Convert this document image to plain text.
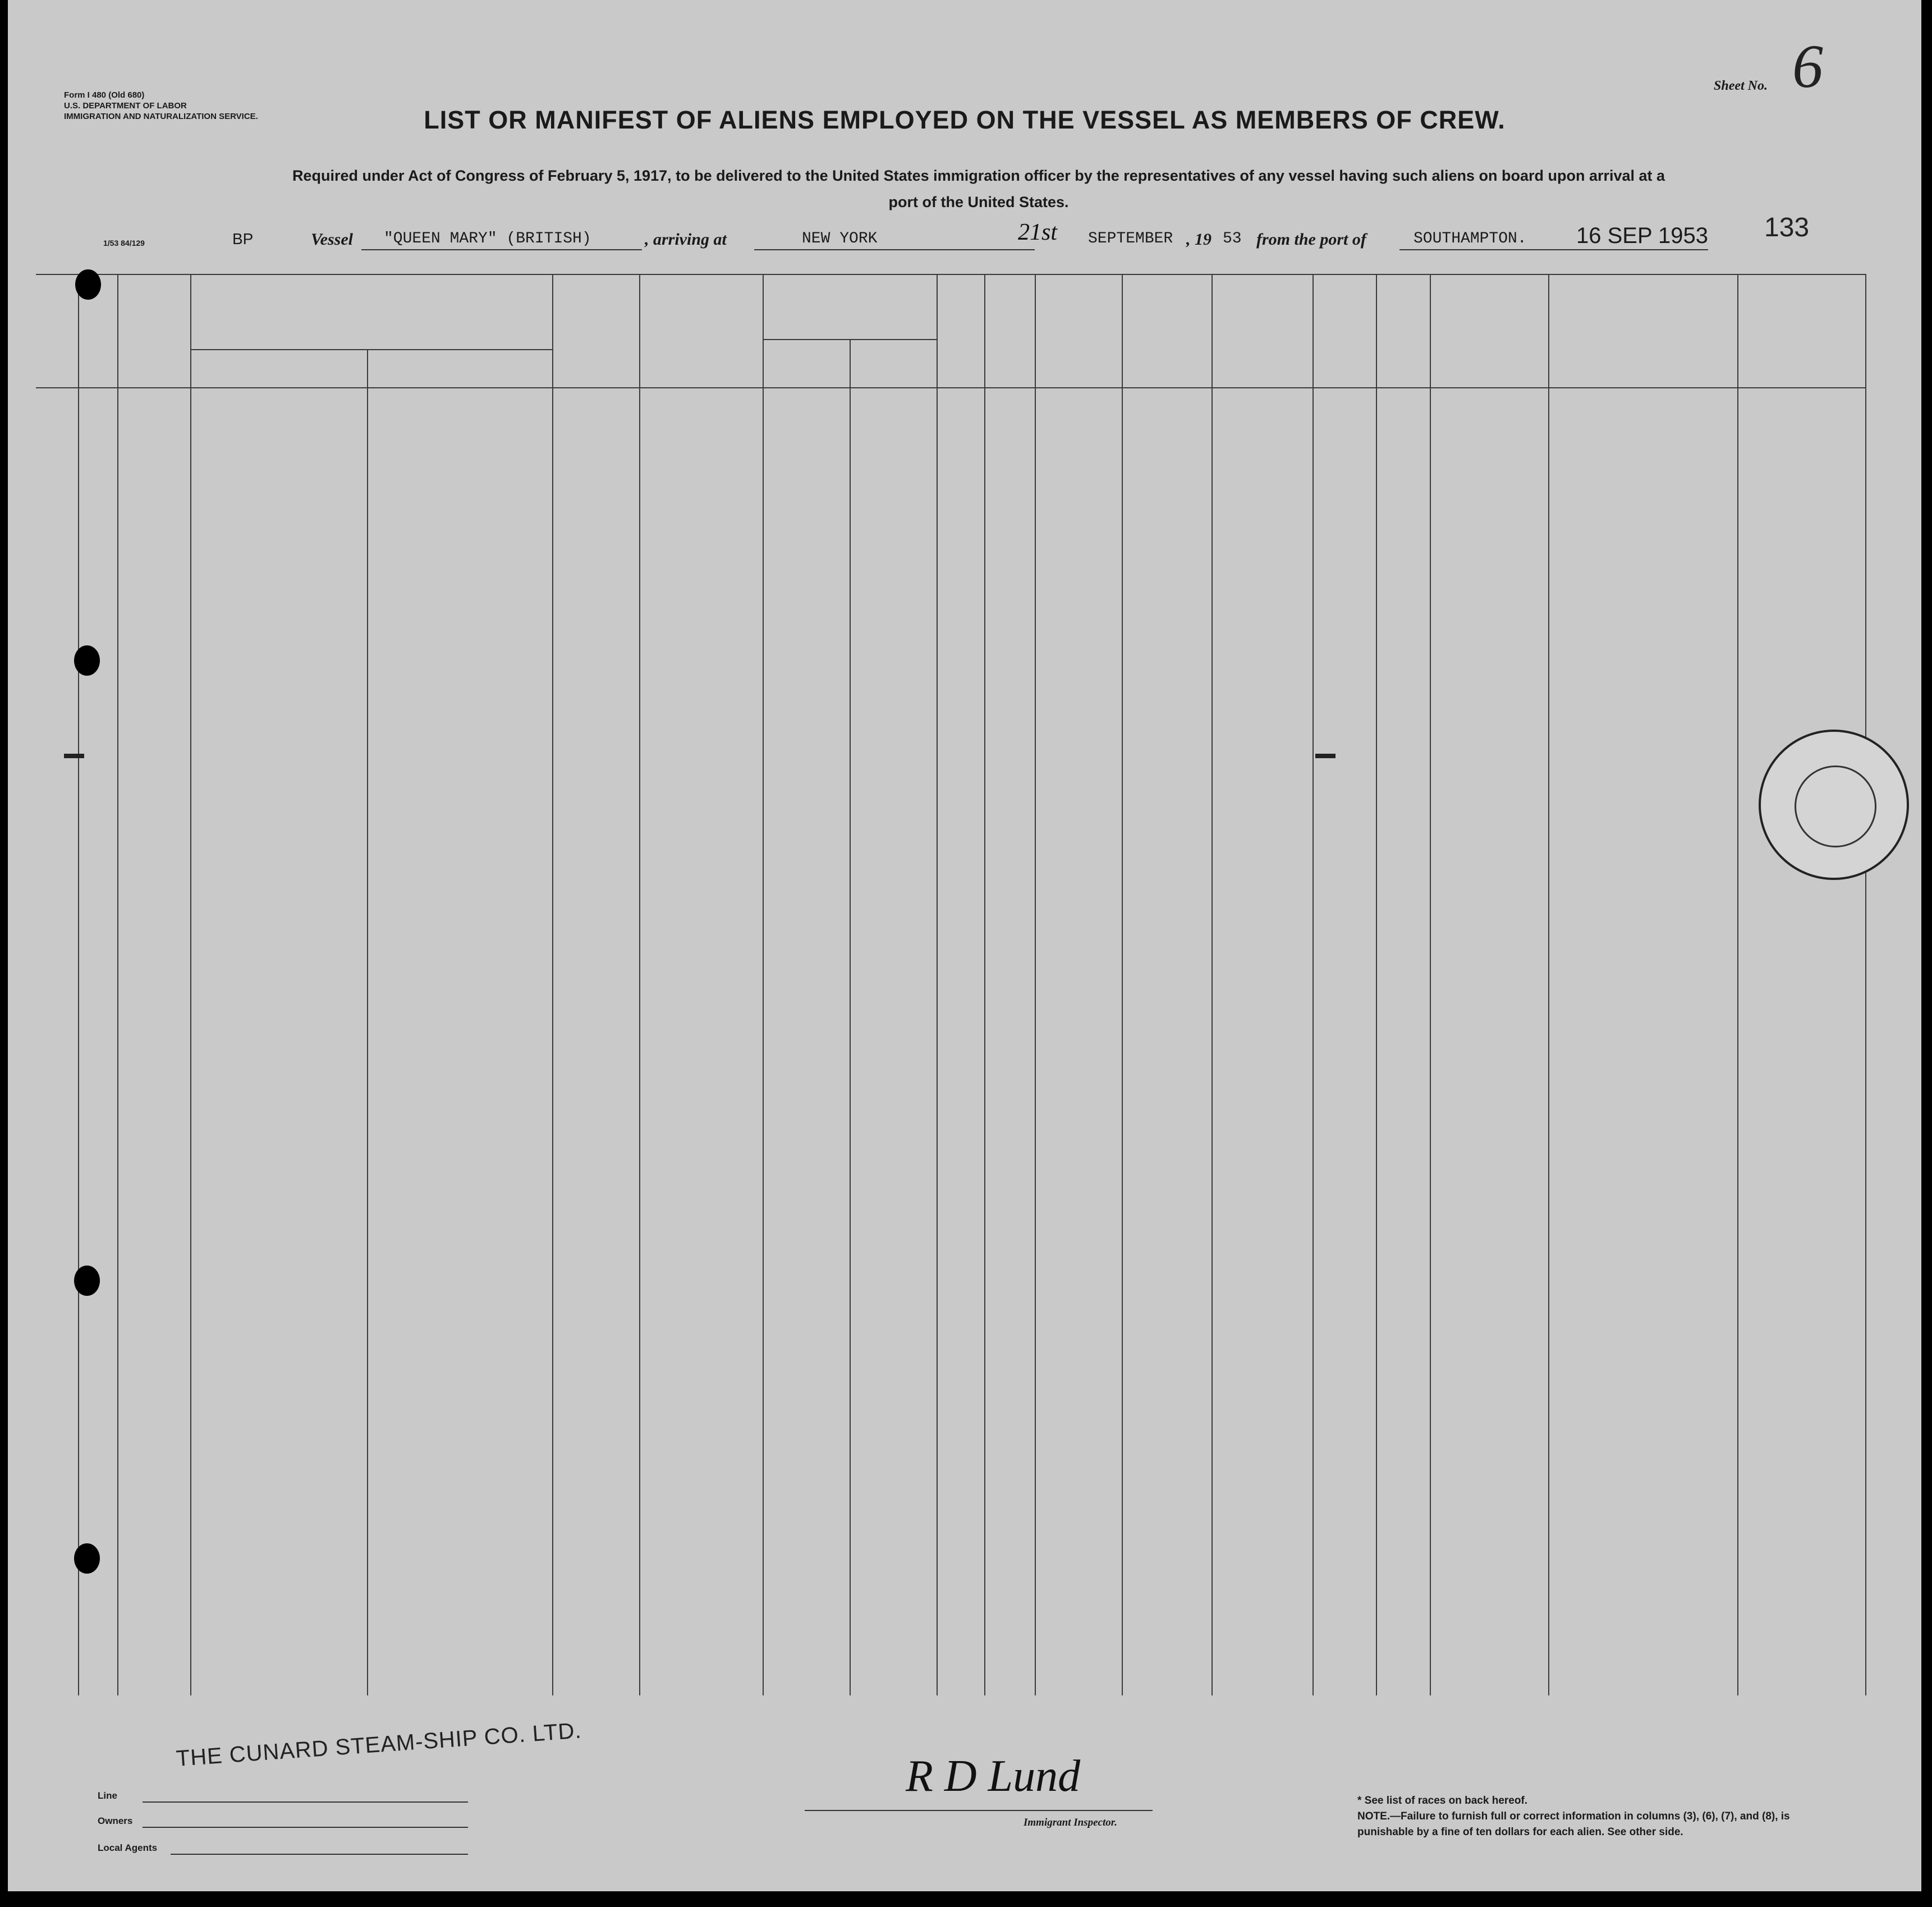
Form I 480 (Old 680)
U.S. DEPARTMENT OF LABOR
IMMIGRATION AND NATURALIZATION SERVICE.
Sheet No. 6
LIST OR MANIFEST OF ALIENS EMPLOYED ON THE VESSEL AS MEMBERS OF CREW.
Required under Act of Congress of February 5, 1917, to be delivered to the United States immigration officer by the representatives of any vessel having such aliens on board upon arrival at a port of the United States.
1/53 84/129	BP	Vessel "QUEEN MARY" (BRITISH)	, arriving at	NEW YORK	21st SEPTEMBER , 19 53 from the port of	SOUTHAMPTON. 16 SEP 1953 133
Line
Owners
Local Agents
THE CUNARD STEAM-SHIP CO. LTD.
R D Lund
Immigrant Inspector.
* See list of races on back hereof.
NOTE.—Failure to furnish full or correct information in columns (3), (6), (7), and (8), is punishable by a fine of ten dollars for each alien. See other side.
